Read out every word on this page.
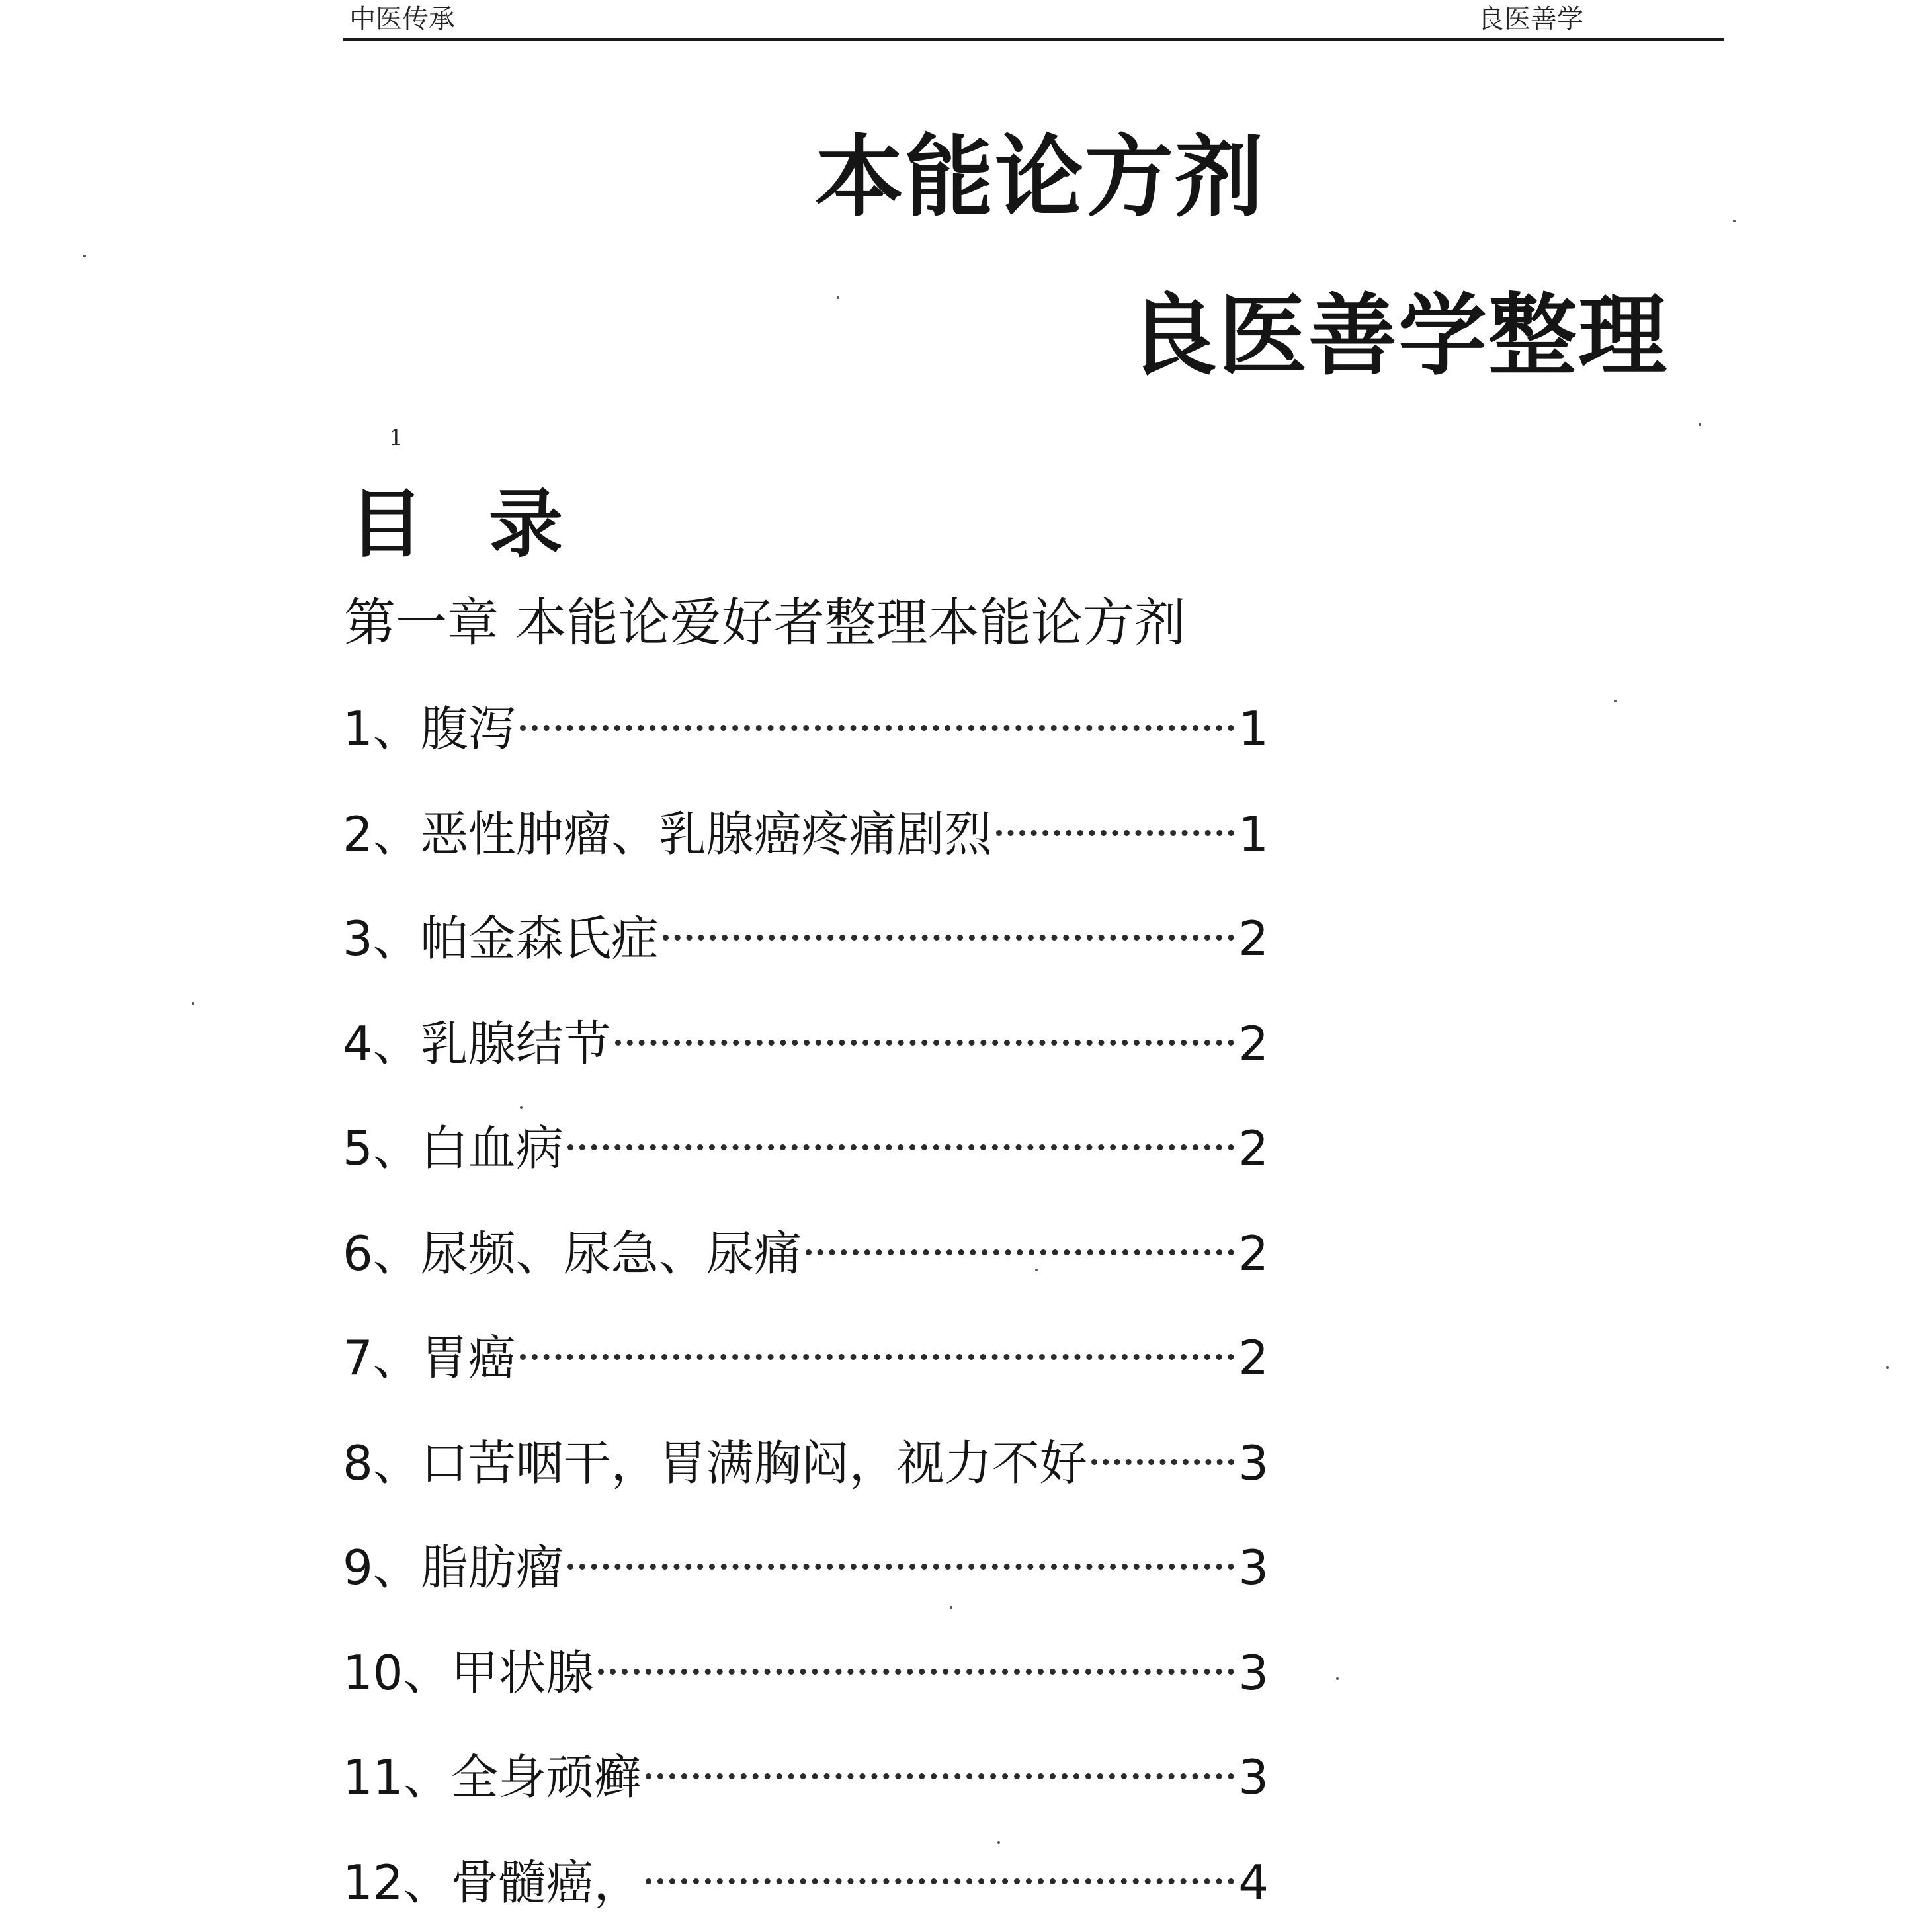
中医传承	良医善学
本能论方剂
良医善学整理
1
目 录
第一章 本能论爱好者整理本能论方剂
1、腹泻	1
2、恶性肿瘤、乳腺癌疼痛剧烈	1
3、帕金森氏症	2
4、乳腺结节	2
5、白血病	2
6、尿频、尿急、尿痛	2
7、胃癌	2
8、口苦咽干，胃满胸闷，视力不好	3
9、脂肪瘤	3
10、甲状腺	3
11、全身顽癣	3
12、骨髓癌，	4
